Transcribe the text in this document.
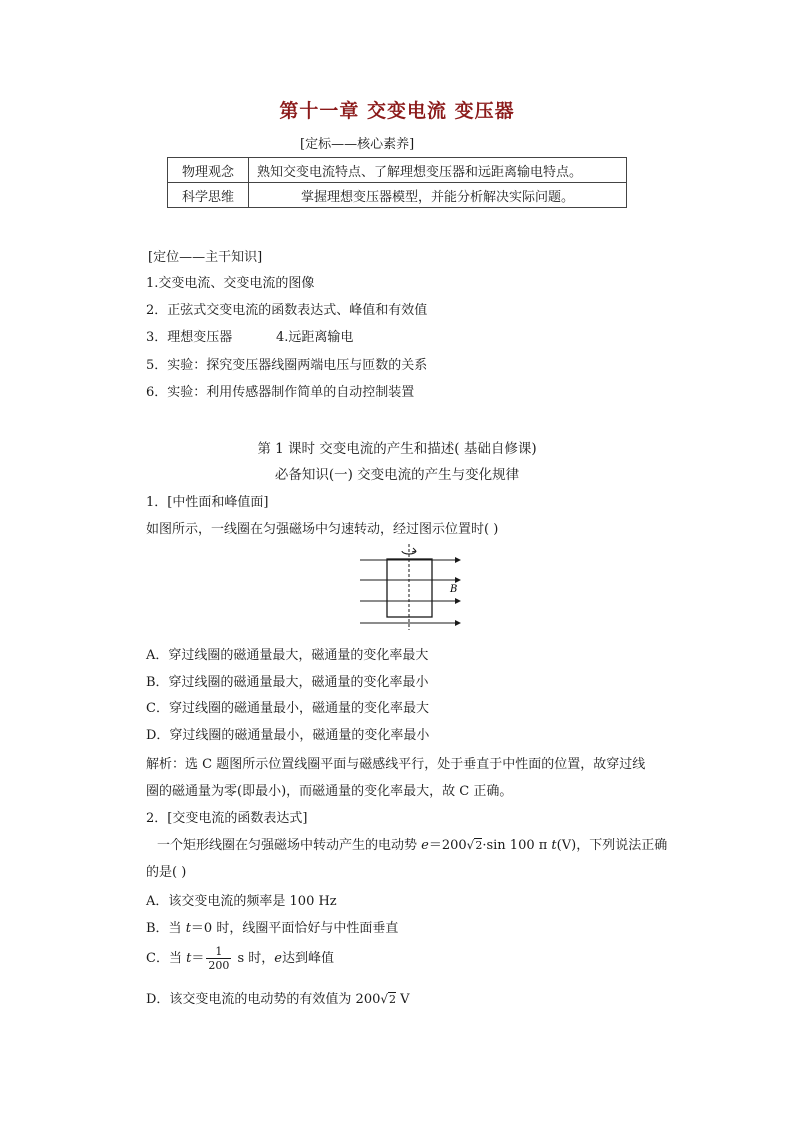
第十一章 交变电流 变压器
[定标——核心素养]
物理观念	熟知交变电流特点、了解理想变压器和远距离输电特点。
科学思维	掌握理想变压器模型，并能分析解决实际问题。
[定位——主干知识]
1.交变电流、交变电流的图像
2．正弦式交变电流的函数表达式、峰值和有效值
3．理想变压器	4.远距离输电
5．实验：探究变压器线圈两端电压与匝数的关系
6．实验：利用传感器制作简单的自动控制装置
第 1 课时 交变电流的产生和描述( 基础自修课)
必备知识(一) 交变电流的产生与变化规律
1．[中性面和峰值面]
如图所示，一线圈在匀强磁场中匀速转动，经过图示位置时( )
B
A．穿过线圈的磁通量最大，磁通量的变化率最大
B．穿过线圈的磁通量最大，磁通量的变化率最小
C．穿过线圈的磁通量最小，磁通量的变化率最大
D．穿过线圈的磁通量最小，磁通量的变化率最小
解析：选 C 题图所示位置线圈平面与磁感线平行，处于垂直于中性面的位置，故穿过线
圈的磁通量为零(即最小)，而磁通量的变化率最大，故 C 正确。
2．[交变电流的函数表达式]
一个矩形线圈在匀强磁场中转动产生的电动势 e＝200√2·sin 100 π t(V)，下列说法正确
的是( )
A．该交变电流的频率是 100 Hz
B．当 t＝0 时，线圈平面恰好与中性面垂直
C．当 $t= \frac{1}{200}$ s 时，e达到峰值
D．该交变电流的电动势的有效值为 200√2 V
